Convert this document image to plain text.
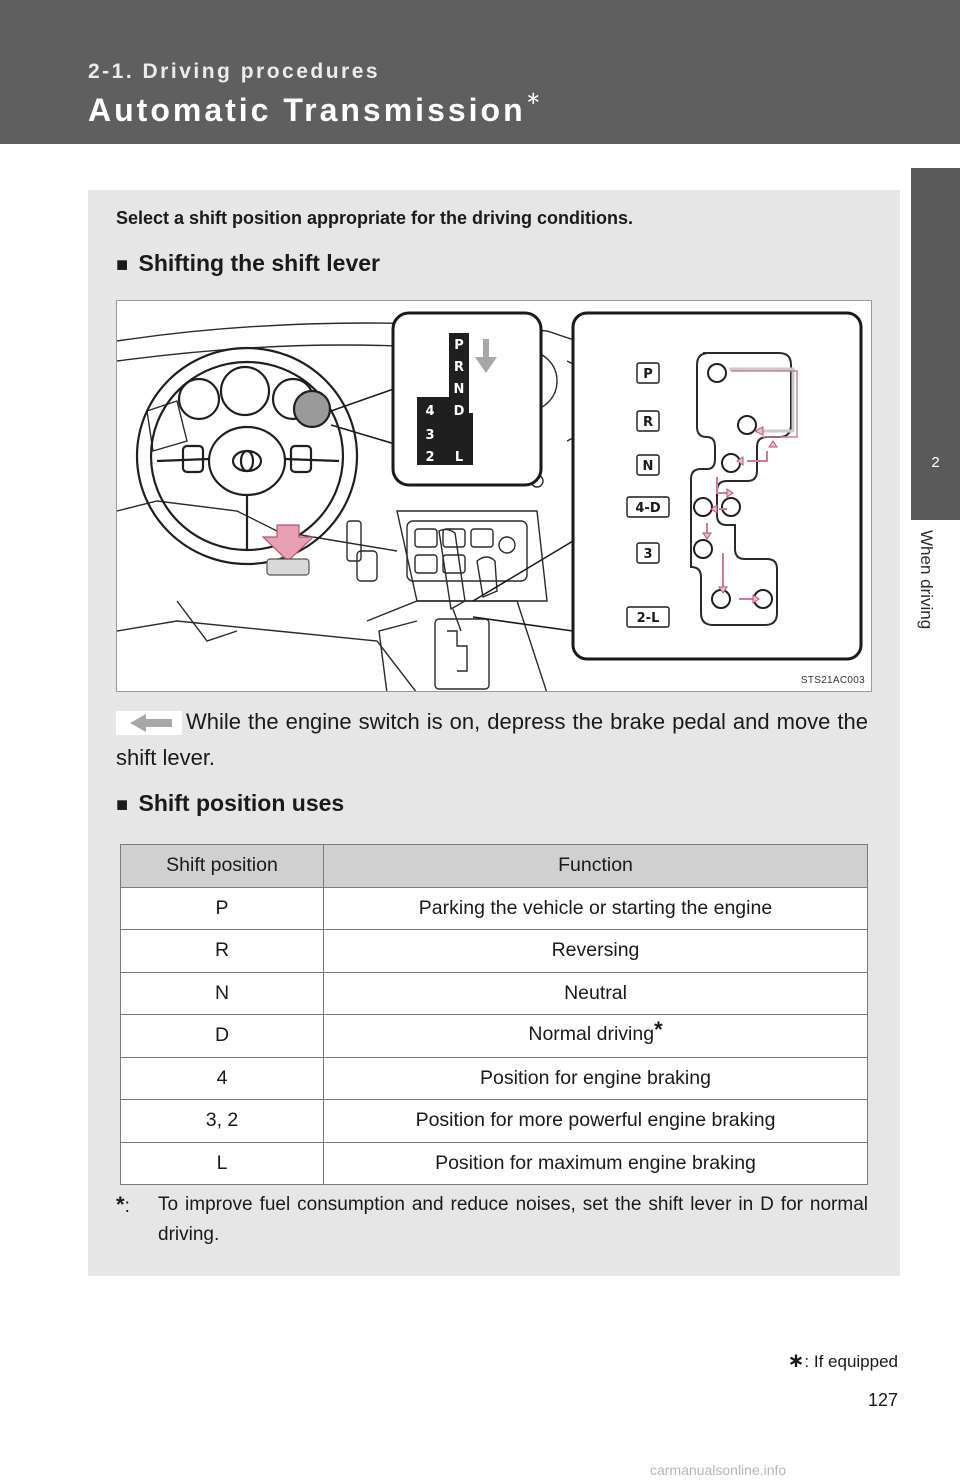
2-1. Driving procedures
Automatic Transmission∗
2
When driving
Select a shift position appropriate for the driving conditions.
■ Shifting the shift lever
P
R
N
D
4
3
2 L
P
R
N
4-D
3
2-L
STS21AC003

While the engine switch is on, depress the brake pedal and move the shift lever.

■ Shift position uses
Shift position	Function
P	Parking the vehicle or starting the engine
R	Reversing
N	Neutral
D	Normal driving*
4	Position for engine braking
3, 2	Position for more powerful engine braking
L	Position for maximum engine braking
*: To improve fuel consumption and reduce noises, set the shift lever in D for normal driving.
∗: If equipped
127
carmanualsonline.info
